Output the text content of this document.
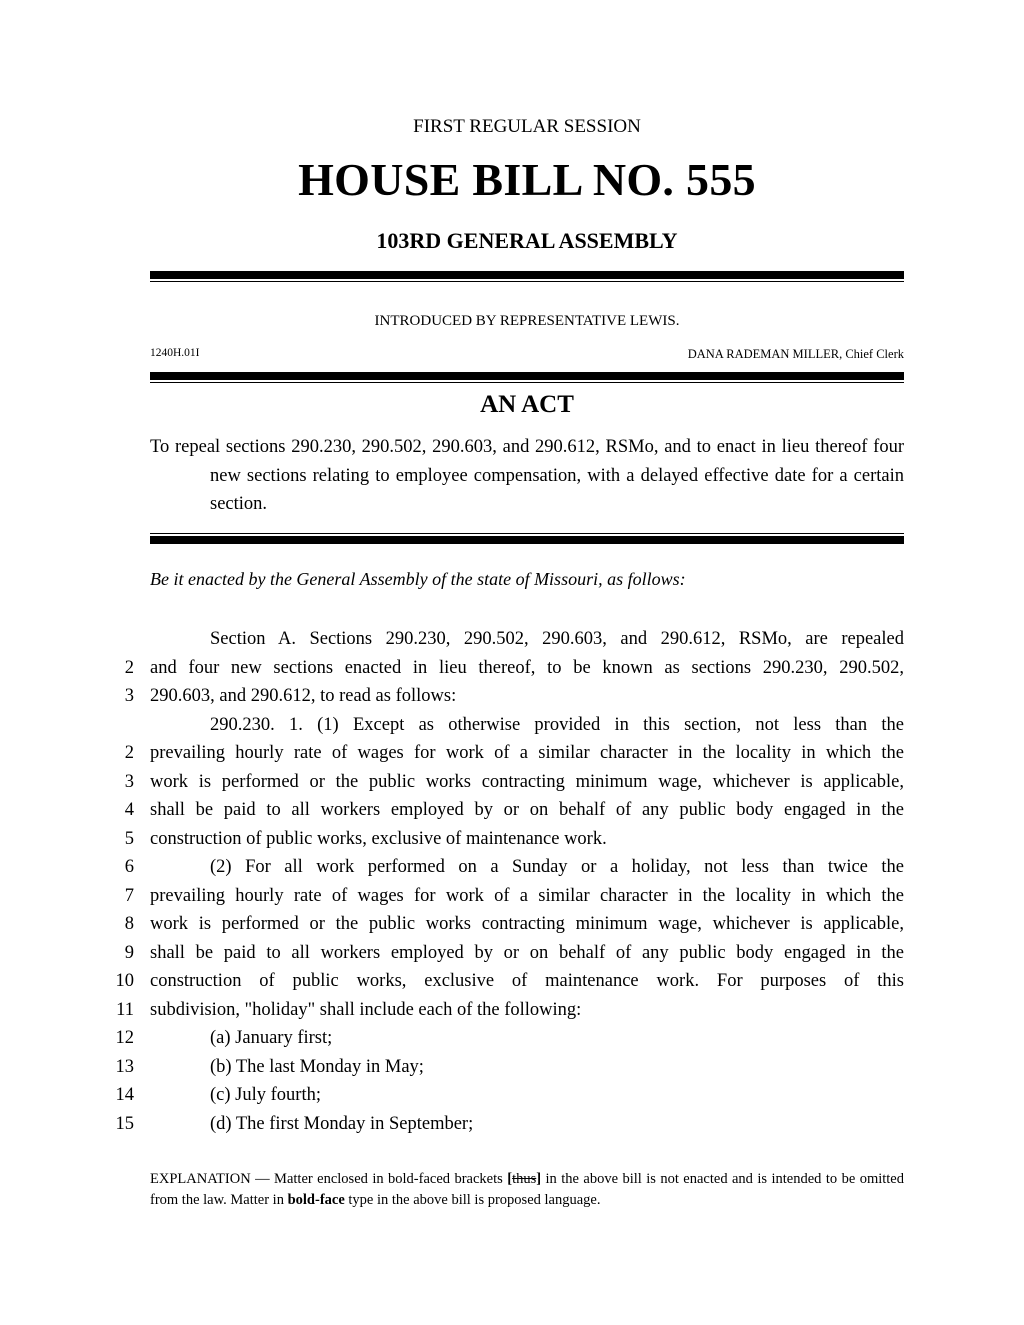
FIRST REGULAR SESSION
HOUSE BILL NO. 555
103RD GENERAL ASSEMBLY
INTRODUCED BY REPRESENTATIVE LEWIS.
1240H.01I	DANA RADEMAN MILLER, Chief Clerk
AN ACT
To repeal sections 290.230, 290.502, 290.603, and 290.612, RSMo, and to enact in lieu thereof four new sections relating to employee compensation, with a delayed effective date for a certain section.
Be it enacted by the General Assembly of the state of Missouri, as follows:
Section A. Sections 290.230, 290.502, 290.603, and 290.612, RSMo, are repealed
2 and four new sections enacted in lieu thereof, to be known as sections 290.230, 290.502,
3 290.603, and 290.612, to read as follows:
290.230. 1. (1) Except as otherwise provided in this section, not less than the
2 prevailing hourly rate of wages for work of a similar character in the locality in which the
3 work is performed or the public works contracting minimum wage, whichever is applicable,
4 shall be paid to all workers employed by or on behalf of any public body engaged in the
5 construction of public works, exclusive of maintenance work.
6	(2) For all work performed on a Sunday or a holiday, not less than twice the
7 prevailing hourly rate of wages for work of a similar character in the locality in which the
8 work is performed or the public works contracting minimum wage, whichever is applicable,
9 shall be paid to all workers employed by or on behalf of any public body engaged in the
10 construction of public works, exclusive of maintenance work. For purposes of this
11 subdivision, "holiday" shall include each of the following:
12	(a) January first;
13	(b) The last Monday in May;
14	(c) July fourth;
15	(d) The first Monday in September;
EXPLANATION — Matter enclosed in bold-faced brackets [thus] in the above bill is not enacted and is intended to be omitted from the law. Matter in bold-face type in the above bill is proposed language.
